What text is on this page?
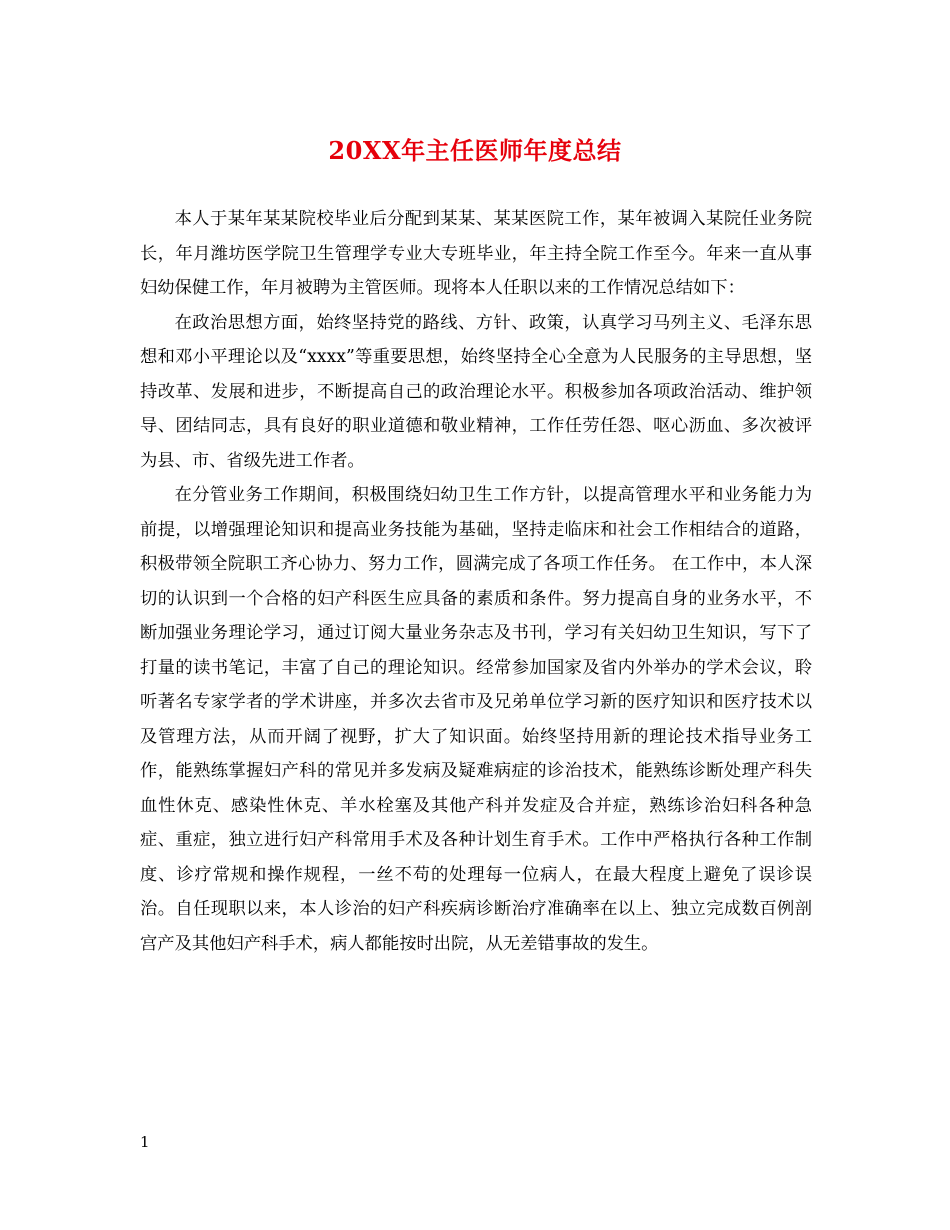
20XX年主任医师年度总结

本人于某年某某院校毕业后分配到某某、某某医院工作，某年被调入某院任业务院长，年月潍坊医学院卫生管理学专业大专班毕业，年主持全院工作至今。年来一直从事妇幼保健工作，年月被聘为主管医师。现将本人任职以来的工作情况总结如下：

在政治思想方面，始终坚持党的路线、方针、政策，认真学习马列主义、毛泽东思想和邓小平理论以及“xxxx”等重要思想，始终坚持全心全意为人民服务的主导思想，坚持改革、发展和进步，不断提高自己的政治理论水平。积极参加各项政治活动、维护领导、团结同志，具有良好的职业道德和敬业精神，工作任劳任怨、呕心沥血、多次被评为县、市、省级先进工作者。

在分管业务工作期间，积极围绕妇幼卫生工作方针，以提高管理水平和业务能力为前提，以增强理论知识和提高业务技能为基础，坚持走临床和社会工作相结合的道路，积极带领全院职工齐心协力、努力工作，圆满完成了各项工作任务。 在工作中，本人深切的认识到一个合格的妇产科医生应具备的素质和条件。努力提高自身的业务水平，不断加强业务理论学习，通过订阅大量业务杂志及书刊，学习有关妇幼卫生知识，写下了打量的读书笔记，丰富了自己的理论知识。经常参加国家及省内外举办的学术会议，聆听著名专家学者的学术讲座，并多次去省市及兄弟单位学习新的医疗知识和医疗技术以及管理方法，从而开阔了视野，扩大了知识面。始终坚持用新的理论技术指导业务工作，能熟练掌握妇产科的常见并多发病及疑难病症的诊治技术，能熟练诊断处理产科失血性休克、感染性休克、羊水栓塞及其他产科并发症及合并症，熟练诊治妇科各种急症、重症，独立进行妇产科常用手术及各种计划生育手术。工作中严格执行各种工作制度、诊疗常规和操作规程，一丝不苟的处理每一位病人，在最大程度上避免了误诊误治。自任现职以来，本人诊治的妇产科疾病诊断治疗准确率在以上、独立完成数百例剖宫产及其他妇产科手术，病人都能按时出院，从无差错事故的发生。

1
